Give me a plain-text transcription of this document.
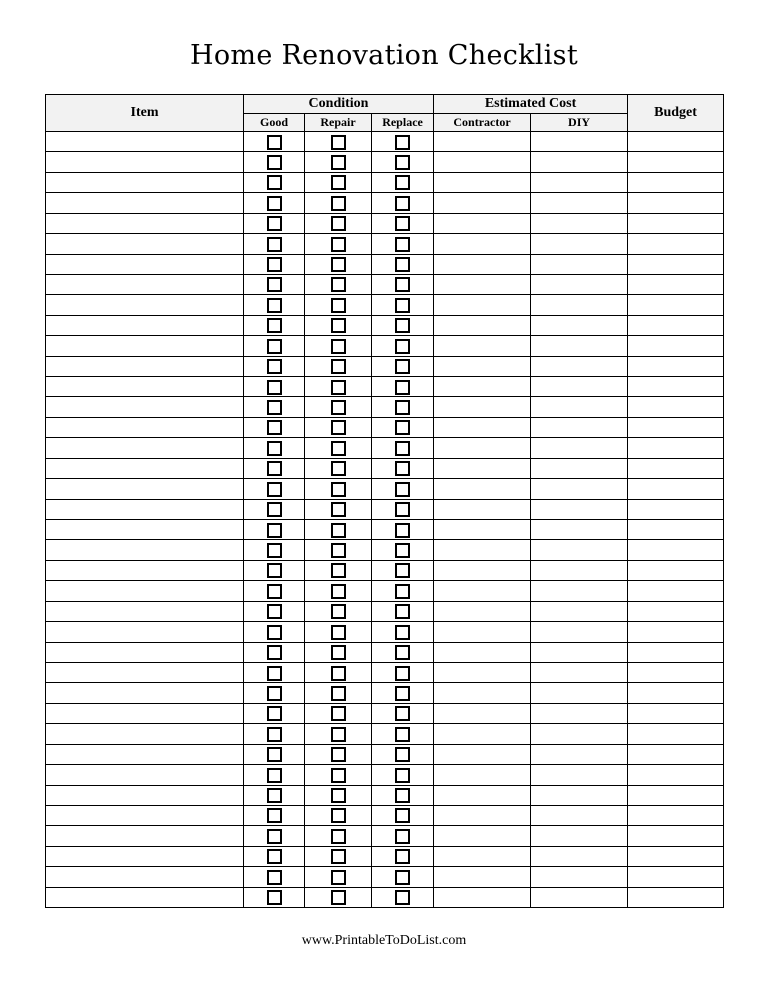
Home Renovation Checklist
Item	Condition			Estimated Cost		Budget
	Good	Repair	Replace	Contractor	DIY	

www.PrintableToDoList.com
